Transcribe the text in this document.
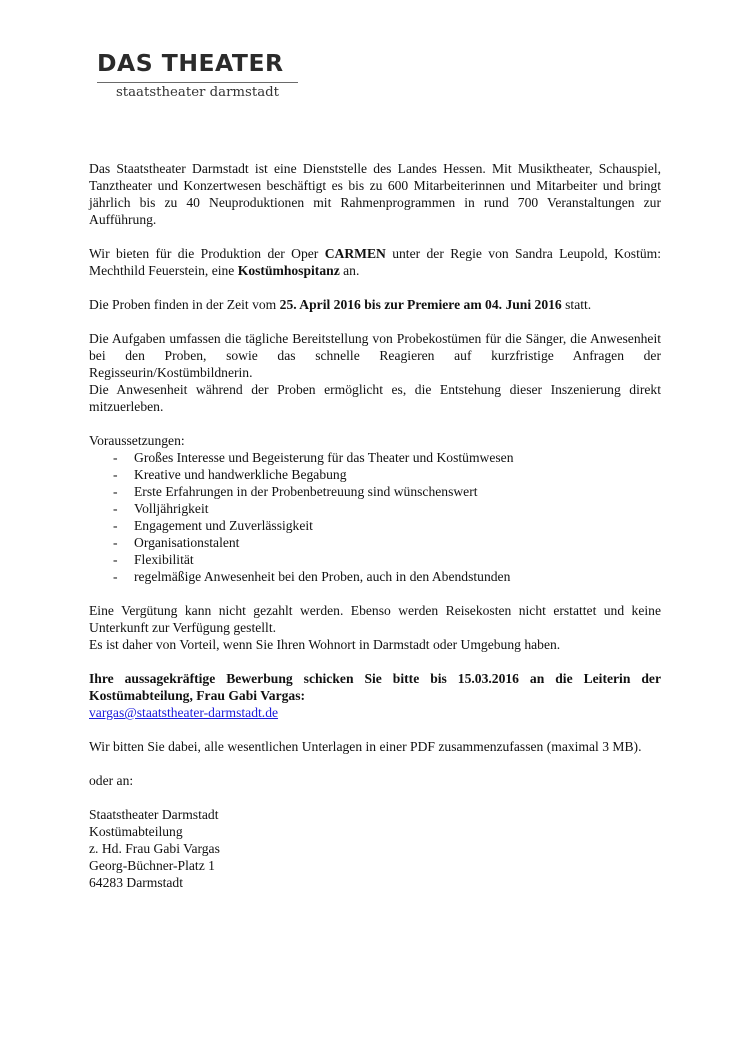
DAS THEATER
staatstheater darmstadt

Das Staatstheater Darmstadt ist eine Dienststelle des Landes Hessen. Mit Musiktheater, Schauspiel, Tanztheater und Konzertwesen beschäftigt es bis zu 600 Mitarbeiterinnen und Mitarbeiter und bringt jährlich bis zu 40 Neuproduktionen mit Rahmenprogrammen in rund 700 Veranstaltungen zur Aufführung.

Wir bieten für die Produktion der Oper CARMEN unter der Regie von Sandra Leupold, Kostüm: Mechthild Feuerstein, eine Kostümhospitanz an.

Die Proben finden in der Zeit vom 25. April 2016 bis zur Premiere am 04. Juni 2016 statt.

Die Aufgaben umfassen die tägliche Bereitstellung von Probekostümen für die Sänger, die Anwesenheit bei den Proben, sowie das schnelle Reagieren auf kurzfristige Anfragen der Regisseurin/Kostümbildnerin.

Die Anwesenheit während der Proben ermöglicht es, die Entstehung dieser Inszenierung direkt mitzuerleben.

Voraussetzungen:
- Großes Interesse und Begeisterung für das Theater und Kostümwesen
- Kreative und handwerkliche Begabung
- Erste Erfahrungen in der Probenbetreuung sind wünschenswert
- Volljährigkeit
- Engagement und Zuverlässigkeit
- Organisationstalent
- Flexibilität
- regelmäßige Anwesenheit bei den Proben, auch in den Abendstunden

Eine Vergütung kann nicht gezahlt werden. Ebenso werden Reisekosten nicht erstattet und keine Unterkunft zur Verfügung gestellt.

Es ist daher von Vorteil, wenn Sie Ihren Wohnort in Darmstadt oder Umgebung haben.

Ihre aussagekräftige Bewerbung schicken Sie bitte bis 15.03.2016 an die Leiterin der Kostümabteilung, Frau Gabi Vargas:

vargas@staatstheater-darmstadt.de

Wir bitten Sie dabei, alle wesentlichen Unterlagen in einer PDF zusammenzufassen (maximal 3 MB).

oder an:

Staatstheater Darmstadt
Kostümabteilung
z. Hd. Frau Gabi Vargas
Georg-Büchner-Platz 1
64283 Darmstadt
